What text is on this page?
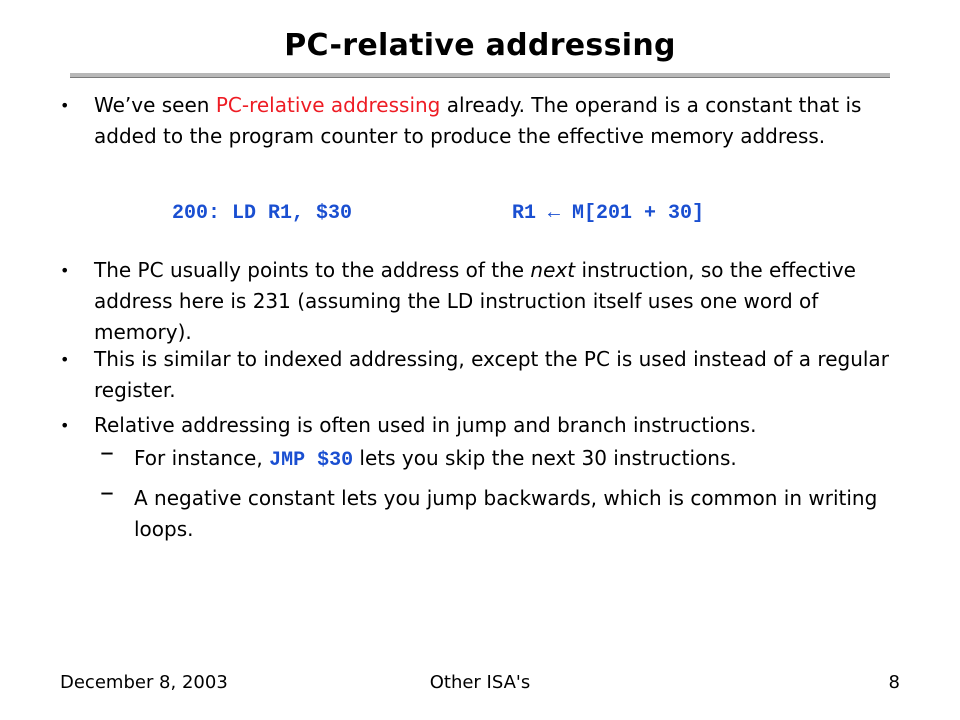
PC-relative addressing
• We’ve seen PC-relative addressing already. The operand is a constant that is added to the program counter to produce the effective memory address.
200: LD R1, $30	R1 ← M[201 + 30]
• The PC usually points to the address of the next instruction, so the effective address here is 231 (assuming the LD instruction itself uses one word of memory).
• This is similar to indexed addressing, except the PC is used instead of a regular register.
• Relative addressing is often used in jump and branch instructions.
– For instance, JMP $30 lets you skip the next 30 instructions.
– A negative constant lets you jump backwards, which is common in writing loops.
December 8, 2003	Other ISA's	8
